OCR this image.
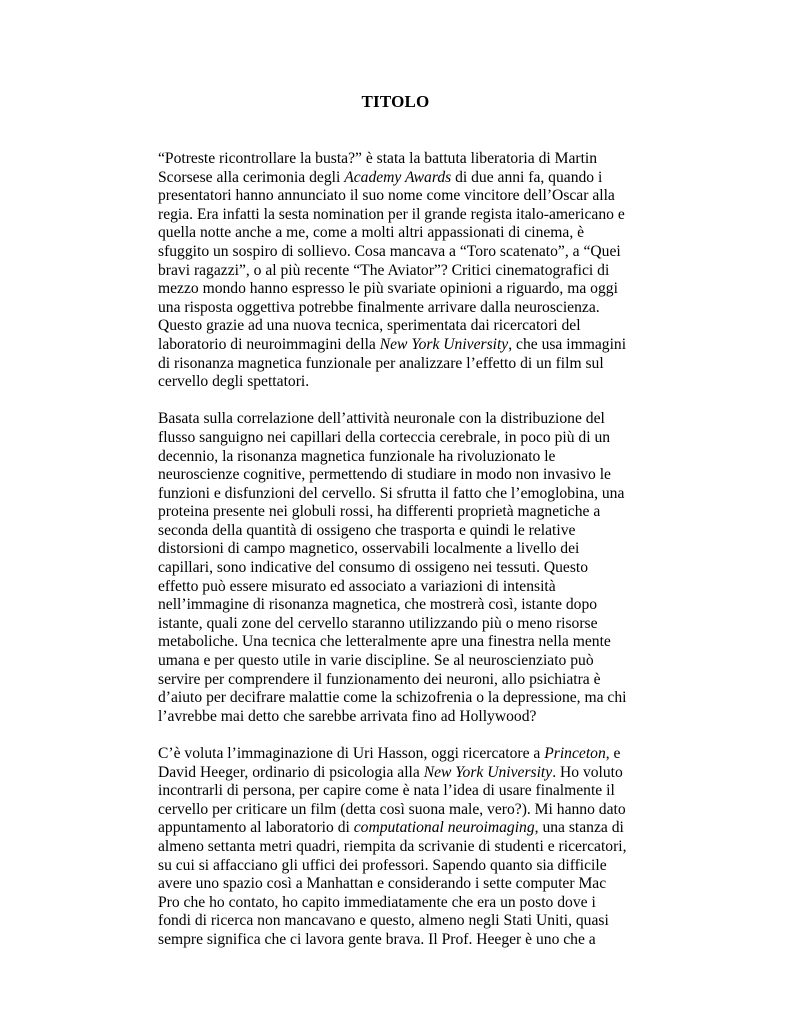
TITOLO
“Potreste ricontrollare la busta?” è stata la battuta liberatoria di Martin
Scorsese alla cerimonia degli Academy Awards di due anni fa, quando i
presentatori hanno annunciato il suo nome come vincitore dell’Oscar alla
regia. Era infatti la sesta nomination per il grande regista italo-americano e
quella notte anche a me, come a molti altri appassionati di cinema, è
sfuggito un sospiro di sollievo. Cosa mancava a “Toro scatenato”, a “Quei
bravi ragazzi”, o al più recente “The Aviator”? Critici cinematografici di
mezzo mondo hanno espresso le più svariate opinioni a riguardo, ma oggi
una risposta oggettiva potrebbe finalmente arrivare dalla neuroscienza.
Questo grazie ad una nuova tecnica, sperimentata dai ricercatori del
laboratorio di neuroimmagini della New York University, che usa immagini
di risonanza magnetica funzionale per analizzare l’effetto di un film sul
cervello degli spettatori.
Basata sulla correlazione dell’attività neuronale con la distribuzione del
flusso sanguigno nei capillari della corteccia cerebrale, in poco più di un
decennio, la risonanza magnetica funzionale ha rivoluzionato le
neuroscienze cognitive, permettendo di studiare in modo non invasivo le
funzioni e disfunzioni del cervello. Si sfrutta il fatto che l’emoglobina, una
proteina presente nei globuli rossi, ha differenti proprietà magnetiche a
seconda della quantità di ossigeno che trasporta e quindi le relative
distorsioni di campo magnetico, osservabili localmente a livello dei
capillari, sono indicative del consumo di ossigeno nei tessuti. Questo
effetto può essere misurato ed associato a variazioni di intensità
nell’immagine di risonanza magnetica, che mostrerà così, istante dopo
istante, quali zone del cervello staranno utilizzando più o meno risorse
metaboliche. Una tecnica che letteralmente apre una finestra nella mente
umana e per questo utile in varie discipline. Se al neuroscienziato può
servire per comprendere il funzionamento dei neuroni, allo psichiatra è
d’aiuto per decifrare malattie come la schizofrenia o la depressione, ma chi
l’avrebbe mai detto che sarebbe arrivata fino ad Hollywood?
C’è voluta l’immaginazione di Uri Hasson, oggi ricercatore a Princeton, e
David Heeger, ordinario di psicologia alla New York University. Ho voluto
incontrarli di persona, per capire come è nata l’idea di usare finalmente il
cervello per criticare un film (detta così suona male, vero?). Mi hanno dato
appuntamento al laboratorio di computational neuroimaging, una stanza di
almeno settanta metri quadri, riempita da scrivanie di studenti e ricercatori,
su cui si affacciano gli uffici dei professori. Sapendo quanto sia difficile
avere uno spazio così a Manhattan e considerando i sette computer Mac
Pro che ho contato, ho capito immediatamente che era un posto dove i
fondi di ricerca non mancavano e questo, almeno negli Stati Uniti, quasi
sempre significa che ci lavora gente brava. Il Prof. Heeger è uno che a
